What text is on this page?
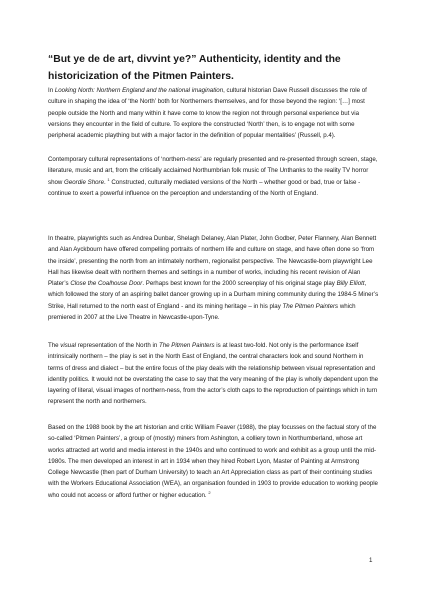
“But ye de de art, divvint ye?” Authenticity, identity and the historicization of the Pitmen Painters.

In Looking North: Northern England and the national imagination, cultural historian Dave Russell discusses the role of culture in shaping the idea of ‘the North’ both for Northerners themselves, and for those beyond the region: ‘[…] most people outside the North and many within it have come to know the region not through personal experience but via versions they encounter in the field of culture. To explore the constructed ‘North’ then, is to engage not with some peripheral academic plaything but with a major factor in the definition of popular mentalities’ (Russell, p.4).

Contemporary cultural representations of ‘northern-ness’ are regularly presented and re-presented through screen, stage, literature, music and art, from the critically acclaimed Northumbrian folk music of The Unthanks to the reality TV horror show Geordie Shore. $^1$ Constructed, culturally mediated versions of the North – whether good or bad, true or false - continue to exert a powerful influence on the perception and understanding of the North of England.

In theatre, playwrights such as Andrea Dunbar, Shelagh Delaney, Alan Plater, John Godber, Peter Flannery, Alan Bennett and Alan Ayckbourn have offered compelling portraits of northern life and culture on stage, and have often done so ‘from the inside’, presenting the north from an intimately northern, regionalist perspective. The Newcastle-born playwright Lee Hall has likewise dealt with northern themes and settings in a number of works, including his recent revision of Alan Plater’s Close the Coalhouse Door. Perhaps best known for the 2000 screenplay of his original stage play Billy Elliott, which followed the story of an aspiring ballet dancer growing up in a Durham mining community during the 1984-5 Miner’s Strike, Hall returned to the north east of England - and its mining heritage – in his play The Pitmen Painters which premiered in 2007 at the Live Theatre in Newcastle-upon-Tyne.

The visual representation of the North in The Pitmen Painters is at least two-fold. Not only is the performance itself intrinsically northern – the play is set in the North East of England, the central characters look and sound Northern in terms of dress and dialect – but the entire focus of the play deals with the relationship between visual representation and identity politics. It would not be overstating the case to say that the very meaning of the play is wholly dependent upon the layering of literal, visual images of northern-ness, from the actor’s cloth caps to the reproduction of paintings which in turn represent the north and northerners.

Based on the 1988 book by the art historian and critic William Feaver (1988), the play focusses on the factual story of the so-called ‘Pitmen Painters’, a group of (mostly) miners from Ashington, a colliery town in Northumberland, whose art works attracted art world and media interest in the 1940s and who continued to work and exhibit as a group until the mid-1980s. The men developed an interest in art in 1934 when they hired Robert Lyon, Master of Painting at Armstrong College Newcastle (then part of Durham University) to teach an Art Appreciation class as part of their continuing studies with the Workers Educational Association (WEA), an organisation founded in 1903 to provide education to working people who could not access or afford further or higher education. $^2$

1
